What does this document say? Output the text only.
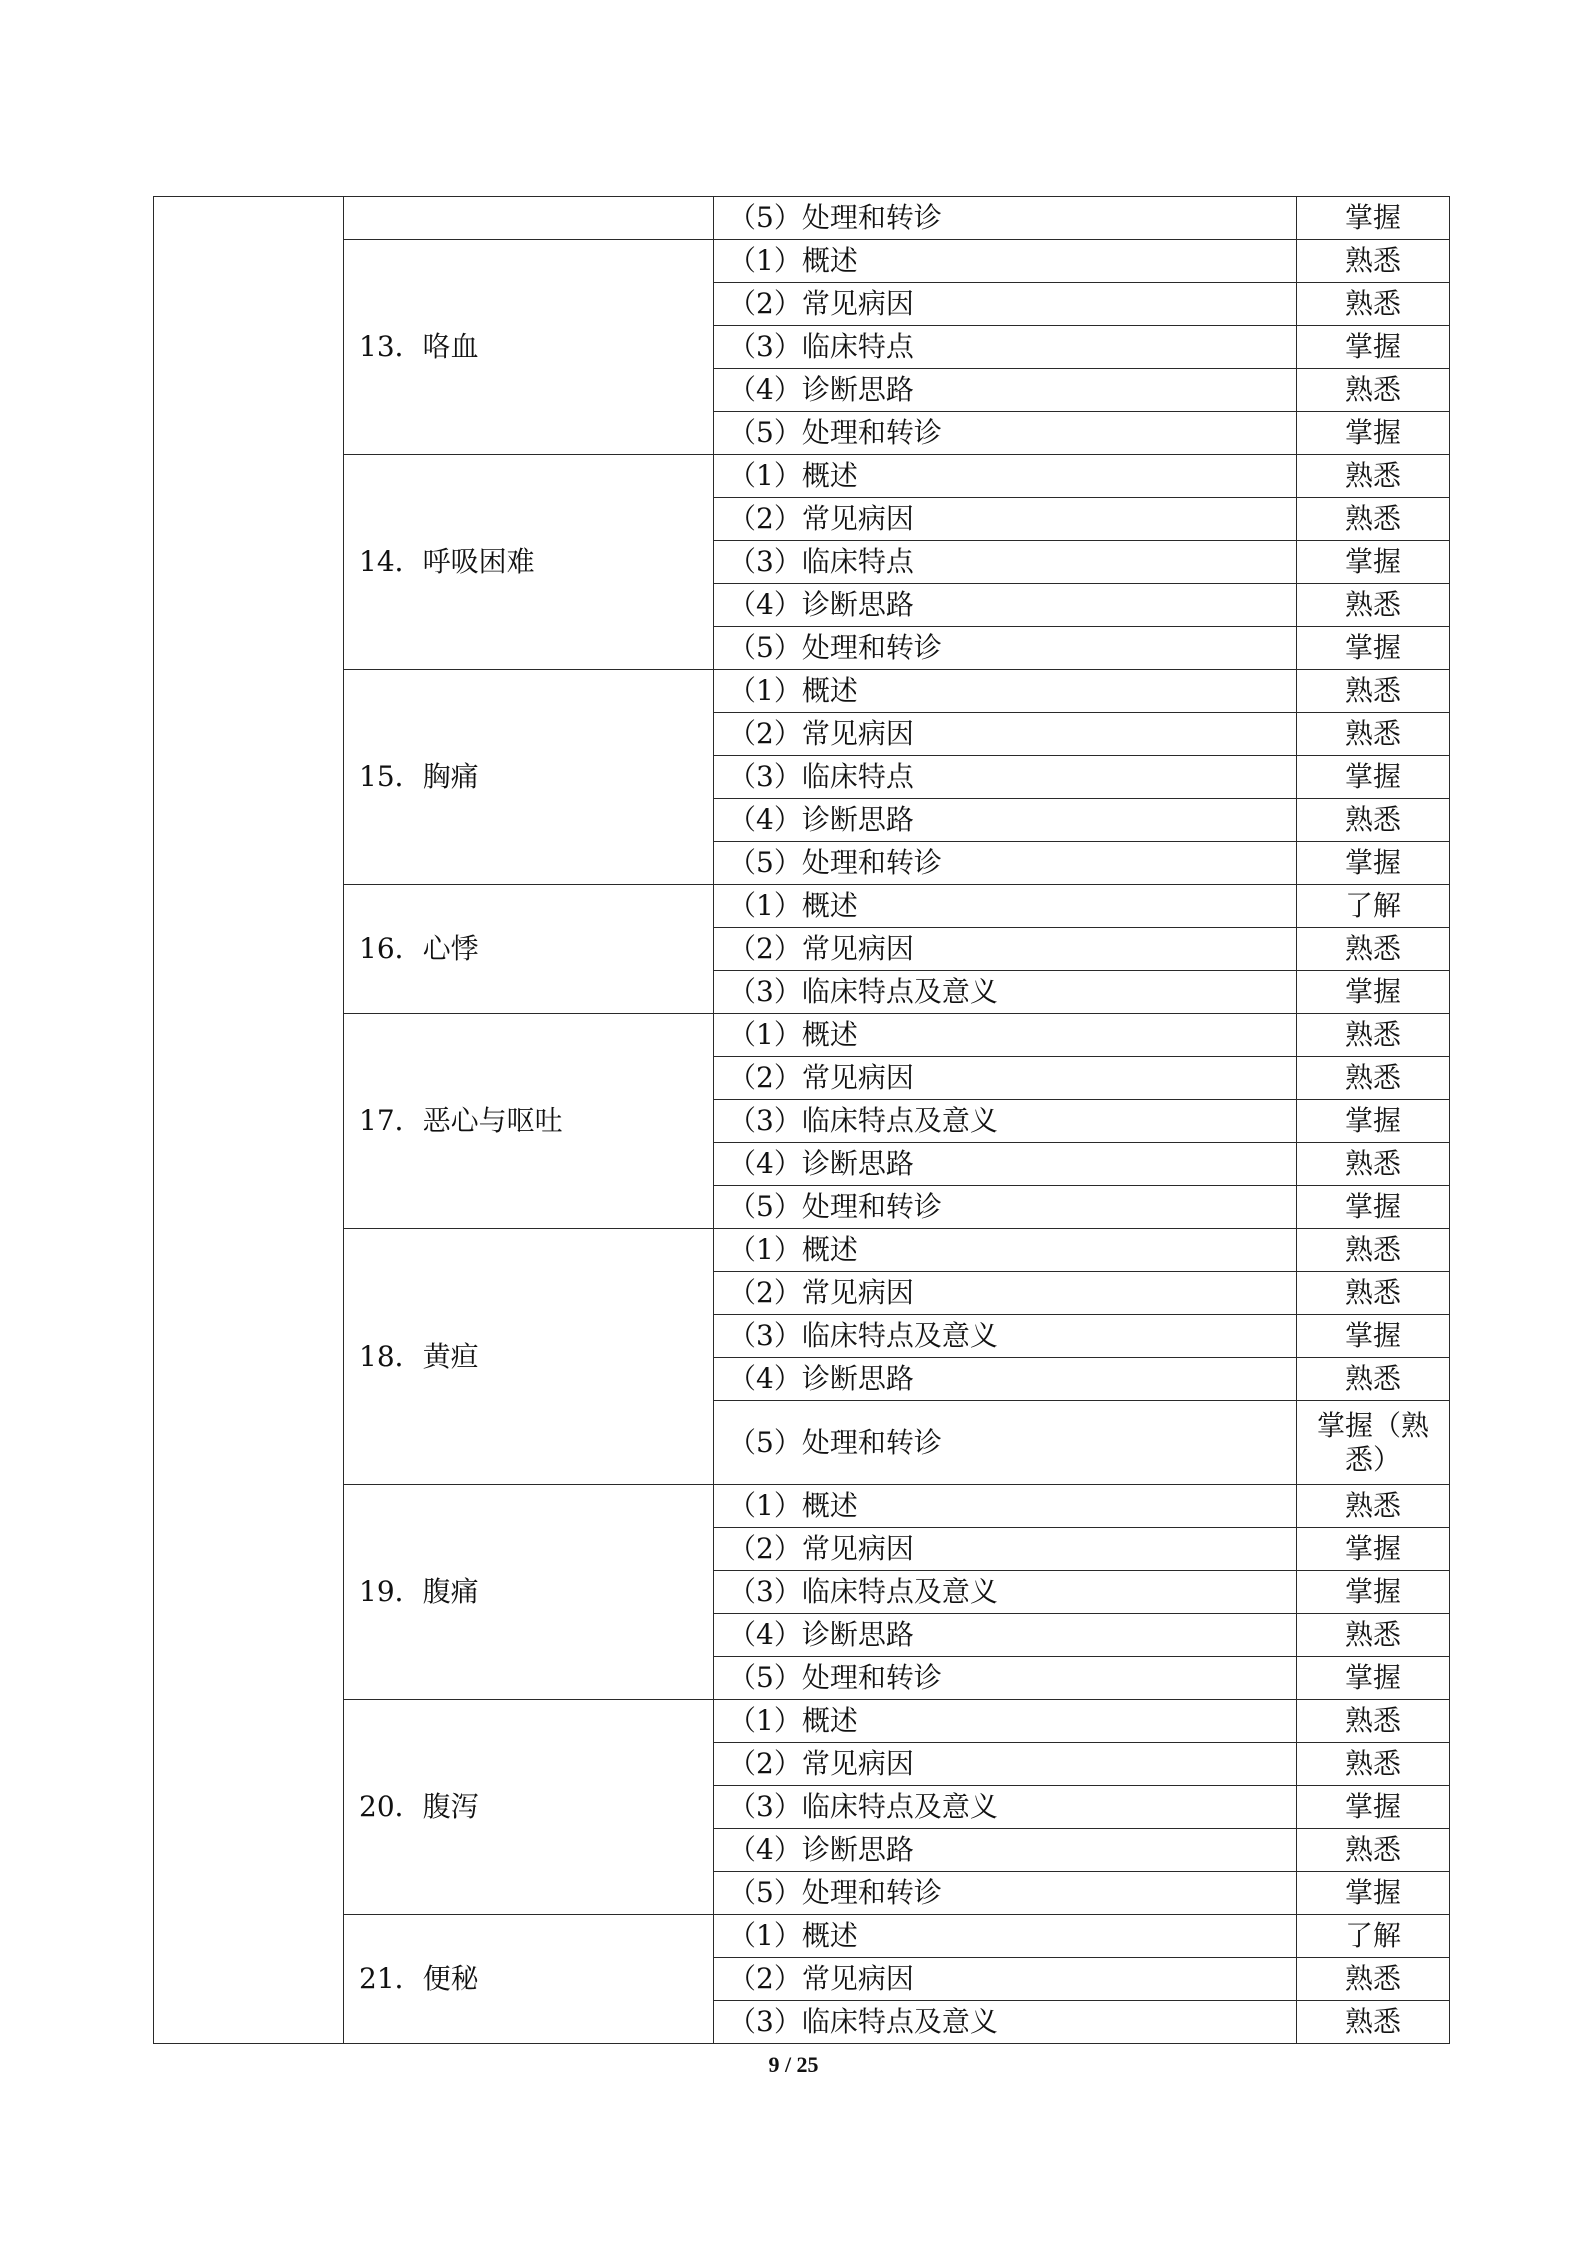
		（5）处理和转诊	掌握
	13．咯血	（1）概述	熟悉
		（2）常见病因	熟悉
		（3）临床特点	掌握
		（4）诊断思路	熟悉
		（5）处理和转诊	掌握
	14．呼吸困难	（1）概述	熟悉
		（2）常见病因	熟悉
		（3）临床特点	掌握
		（4）诊断思路	熟悉
		（5）处理和转诊	掌握
	15．胸痛	（1）概述	熟悉
		（2）常见病因	熟悉
		（3）临床特点	掌握
		（4）诊断思路	熟悉
		（5）处理和转诊	掌握
	16．心悸	（1）概述	了解
		（2）常见病因	熟悉
		（3）临床特点及意义	掌握
	17．恶心与呕吐	（1）概述	熟悉
		（2）常见病因	熟悉
		（3）临床特点及意义	掌握
		（4）诊断思路	熟悉
		（5）处理和转诊	掌握
	18．黄疸	（1）概述	熟悉
		（2）常见病因	熟悉
		（3）临床特点及意义	掌握
		（4）诊断思路	熟悉
		（5）处理和转诊	掌握（熟悉）
	19．腹痛	（1）概述	熟悉
		（2）常见病因	掌握
		（3）临床特点及意义	掌握
		（4）诊断思路	熟悉
		（5）处理和转诊	掌握
	20．腹泻	（1）概述	熟悉
		（2）常见病因	熟悉
		（3）临床特点及意义	掌握
		（4）诊断思路	熟悉
		（5）处理和转诊	掌握
	21．便秘	（1）概述	了解
		（2）常见病因	熟悉
		（3）临床特点及意义	熟悉
9 / 25
